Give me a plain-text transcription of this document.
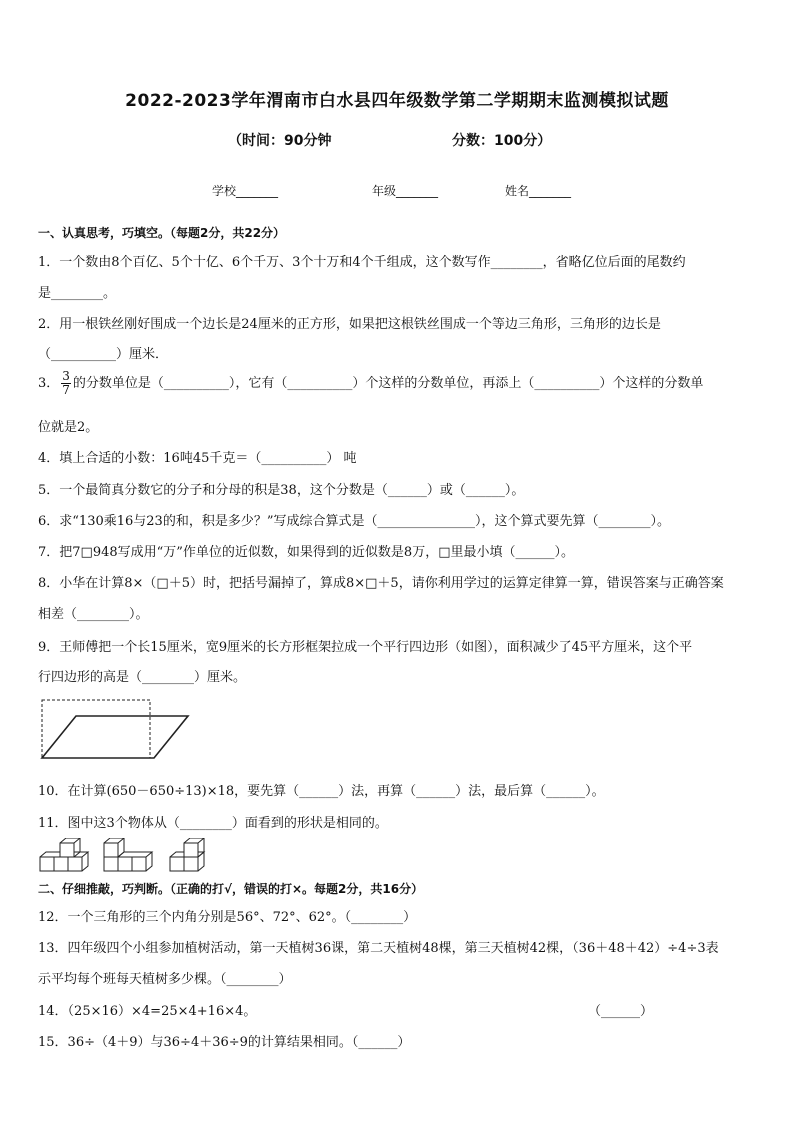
2022-2023学年渭南市白水县四年级数学第二学期期末监测模拟试题
（时间：90分钟	分数：100分）
学校_______	年级_______	姓名_______
一、认真思考，巧填空。（每题2分，共22分）
1．一个数由8个百亿、5个十亿、6个千万、3个十万和4个千组成，这个数写作________，省略亿位后面的尾数约
是________。
2．用一根铁丝刚好围成一个边长是24厘米的正方形，如果把这根铁丝围成一个等边三角形，三角形的边长是
（__________）厘米．
3． $\frac{3}{7}$ 的分数单位是（__________），它有（__________）个这样的分数单位，再添上（__________）个这样的分数单
位就是2。
4．填上合适的小数：16吨45千克＝（__________） 吨
5．一个最简真分数它的分子和分母的积是38，这个分数是（______）或（______）。
6．求“130乘16与23的和，积是多少？”写成综合算式是（_______________），这个算式要先算（________）。
7．把7□948写成用“万”作单位的近似数，如果得到的近似数是8万，□里最小填（______）。
8．小华在计算8×（□＋5）时，把括号漏掉了，算成8×□＋5，请你利用学过的运算定律算一算，错误答案与正确答案
相差（________）。
9．王师傅把一个长15厘米，宽9厘米的长方形框架拉成一个平行四边形（如图），面积减少了45平方厘米，这个平
行四边形的高是（________）厘米。
10．在计算(650－650÷13)×18，要先算（______）法，再算（______）法，最后算（______）。
11．图中这3个物体从（________）面看到的形状是相同的。
二、仔细推敲，巧判断。（正确的打√，错误的打×。每题2分，共16分）
12．一个三角形的三个内角分别是56°、72°、62°。（________）
13．四年级四个小组参加植树活动，第一天植树36课，第二天植树48棵，第三天植树42棵，（36＋48＋42）÷4÷3表
示平均每个班每天植树多少棵。（________）
14．（25×16）×4=25×4+16×4。	（______）
15．36÷（4＋9）与36÷4＋36÷9的计算结果相同。（______）
